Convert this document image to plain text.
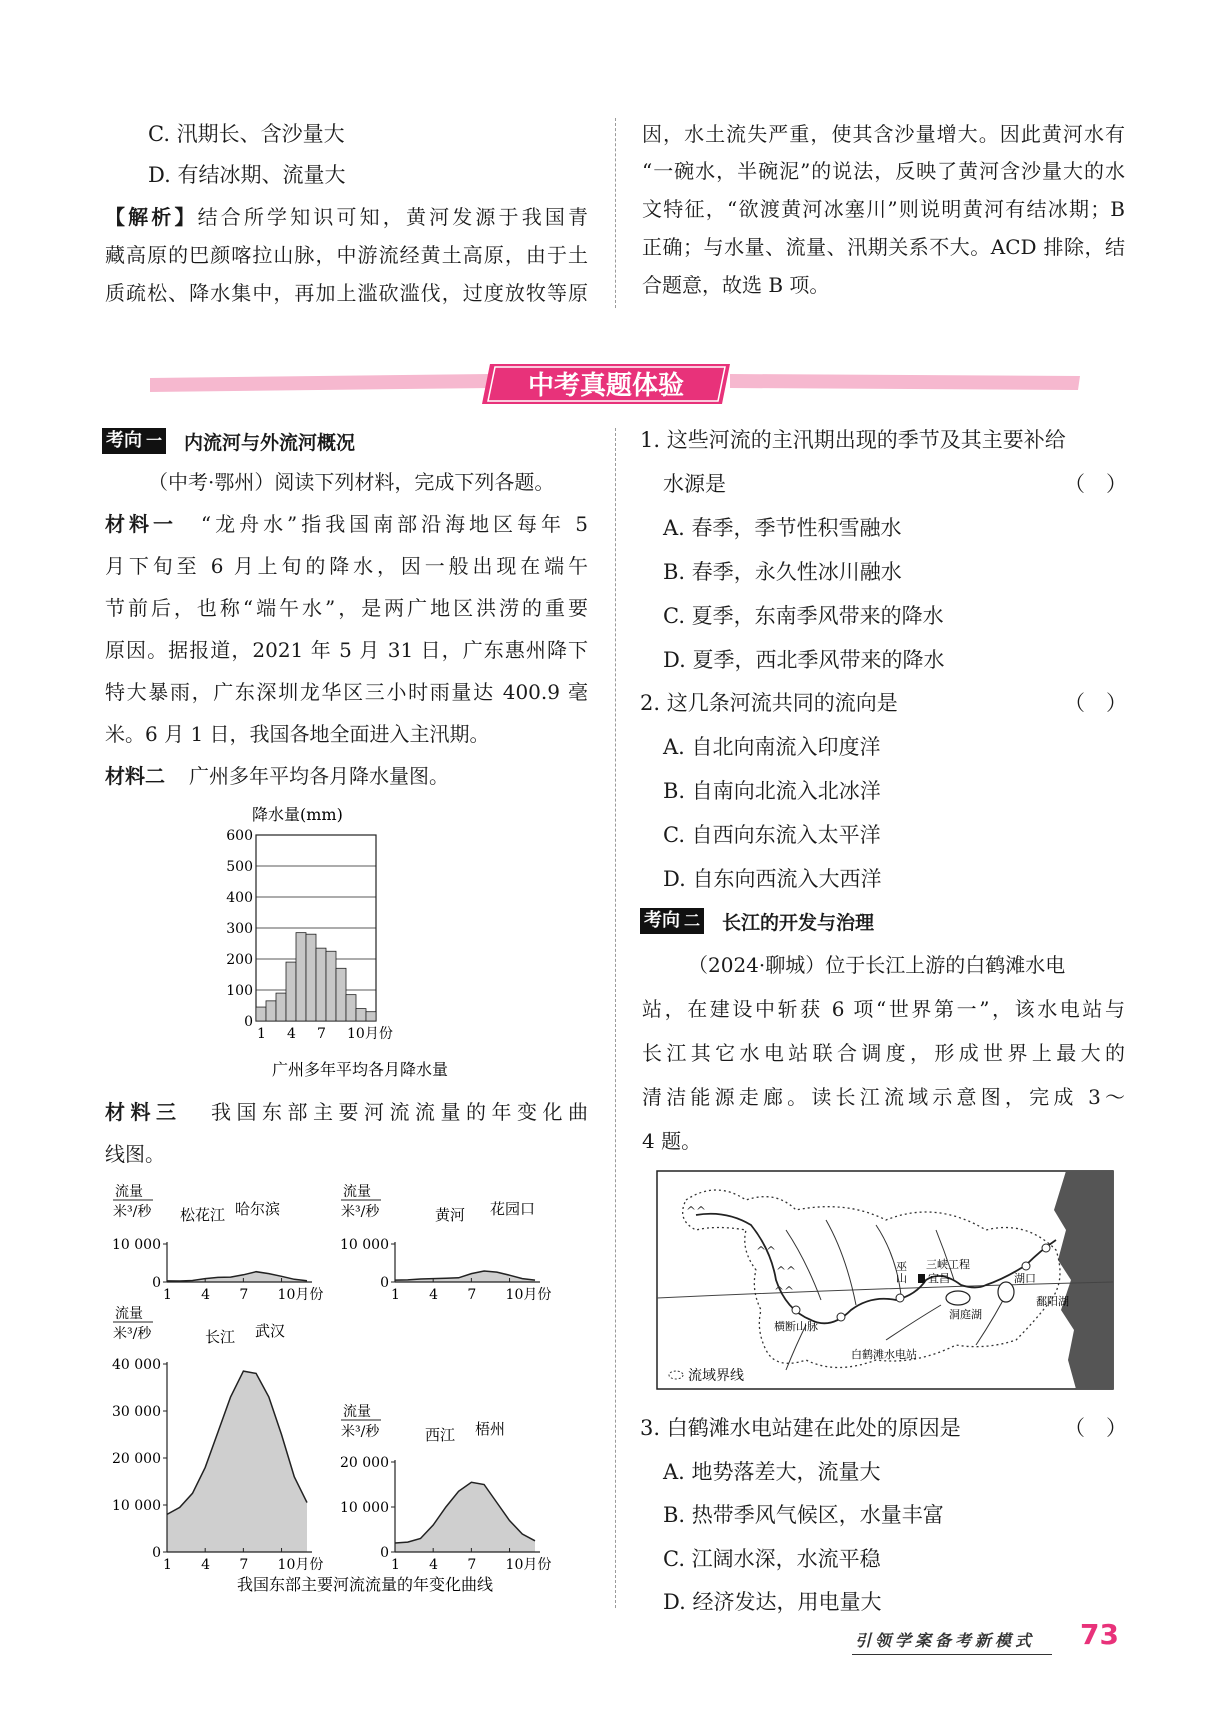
C. 汛期长、含沙量大
D. 有结冰期、流量大
【解析】结合所学知识可知，黄河发源于我国青
藏高原的巴颜喀拉山脉，中游流经黄土高原，由于土
质疏松、降水集中，再加上滥砍滥伐，过度放牧等原
因，水土流失严重，使其含沙量增大。因此黄河水有
“一碗水，半碗泥”的说法，反映了黄河含沙量大的水
文特征，“欲渡黄河冰塞川”则说明黄河有结冰期；B
正确；与水量、流量、汛期关系不大。ACD 排除，结
合题意，故选 B 项。
中考真题体验
考向 一 内流河与外流河概况
（中考·鄂州）阅读下列材料，完成下列各题。
材料一 “龙舟水”指我国南部沿海地区每年 5
月下旬至 6 月上旬的降水，因一般出现在端午
节前后，也称“端午水”，是两广地区洪涝的重要
原因。据报道，2021 年 5 月 31 日，广东惠州降下
特大暴雨，广东深圳龙华区三小时雨量达 400.9 毫
米。6 月 1 日，我国各地全面进入主汛期。
材料二 广州多年平均各月降水量图。
降水量(mm)
600
500
400
300
200
100
0
1 4 7 10月份
广州多年平均各月降水量
材料三 我国东部主要河流流量的年变化曲
线图。
流量
米³/秒 松花江 哈尔滨
10 000
0
1 4 7 10月份
流量
米³/秒	黄河 花园口
10 000
0
1 4 7 10月份
流量
米³/秒	长江 武汉
40 000
30 000
20 000
10 000
0
1 4 7 10月份
流量
米³/秒	西江 梧州
20 000
10 000
0
1 4 7 10月份
我国东部主要河流流量的年变化曲线
1. 这些河流的主汛期出现的季节及其主要补给
水源是	（　）
A. 春季，季节性积雪融水
B. 春季，永久性冰川融水
C. 夏季，东南季风带来的降水
D. 夏季，西北季风带来的降水
2. 这几条河流共同的流向是	（　）
A. 自北向南流入印度洋
B. 自南向北流入北冰洋
C. 自西向东流入太平洋
D. 自东向西流入大西洋
考向 二 长江的开发与治理
（2024·聊城）位于长江上游的白鹤滩水电
站，在建设中斩获 6 项“世界第一”，该水电站与
长江其它水电站联合调度，形成世界上最大的
清洁能源走廊。读长江流域示意图，完成 3～
4 题。
^^
^^
^^
^^
三峡工程
宜昌
巫
山	湖口
鄱阳湖
洞庭湖
横断山脉
白鹤滩水电站
流域界线
3. 白鹤滩水电站建在此处的原因是	（　）
A. 地势落差大，流量大
B. 热带季风气候区，水量丰富
C. 江阔水深，水流平稳
D. 经济发达，用电量大
引领学案备考新模式 73
